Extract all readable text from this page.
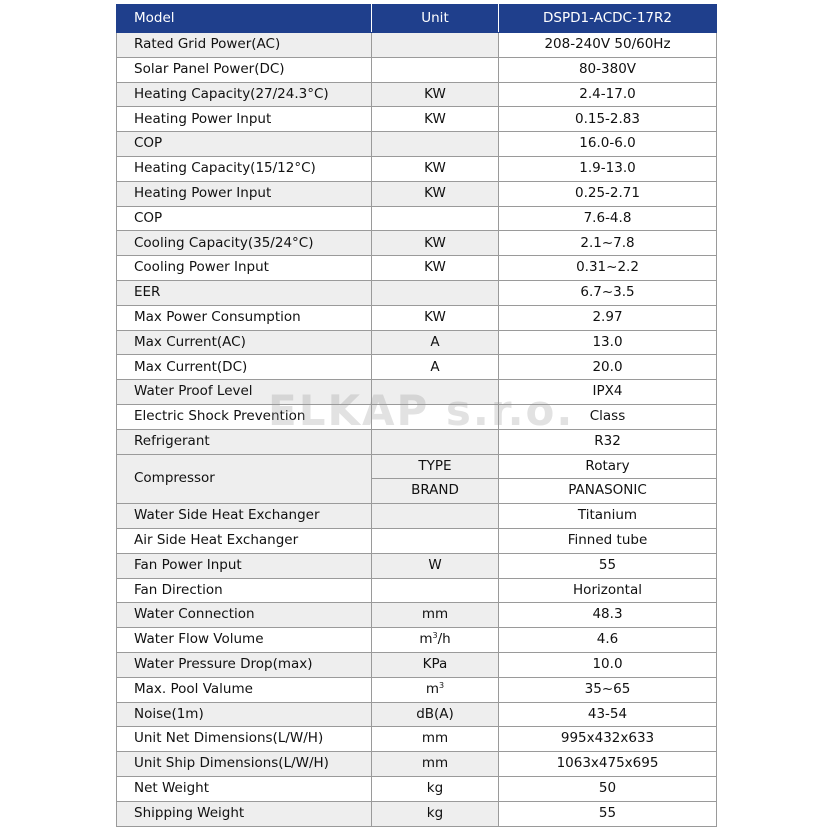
Model	Unit	DSPD1-ACDC-17R2
Rated Grid Power(AC)		208-240V 50/60Hz
Solar Panel Power(DC)		80-380V
Heating Capacity(27/24.3°C)	KW	2.4-17.0
Heating Power Input	KW	0.15-2.83
COP		16.0-6.0
Heating Capacity(15/12°C)	KW	1.9-13.0
Heating Power Input	KW	0.25-2.71
COP		7.6-4.8
Cooling Capacity(35/24°C)	KW	2.1~7.8
Cooling Power Input	KW	0.31~2.2
EER		6.7~3.5
Max Power Consumption	KW	2.97
Max Current(AC)	A	13.0
Max Current(DC)	A	20.0
Water Proof Level		IPX4
Electric Shock Prevention		Class
Refrigerant		R32
Compressor	TYPE	Rotary
	BRAND	PANASONIC
Water Side Heat Exchanger		Titanium
Air Side Heat Exchanger		Finned tube
Fan Power Input	W	55
Fan Direction		Horizontal
Water Connection	mm	48.3
Water Flow Volume	$m^3/h$	4.6
Water Pressure Drop(max)	KPa	10.0
Max. Pool Valume	$m^3$	35~65
Noise(1m)	dB(A)	43-54
Unit Net Dimensions(L/W/H)	mm	995x432x633
Unit Ship Dimensions(L/W/H)	mm	1063x475x695
Net Weight	kg	50
Shipping Weight	kg	55
ELKAP s.r.o.
